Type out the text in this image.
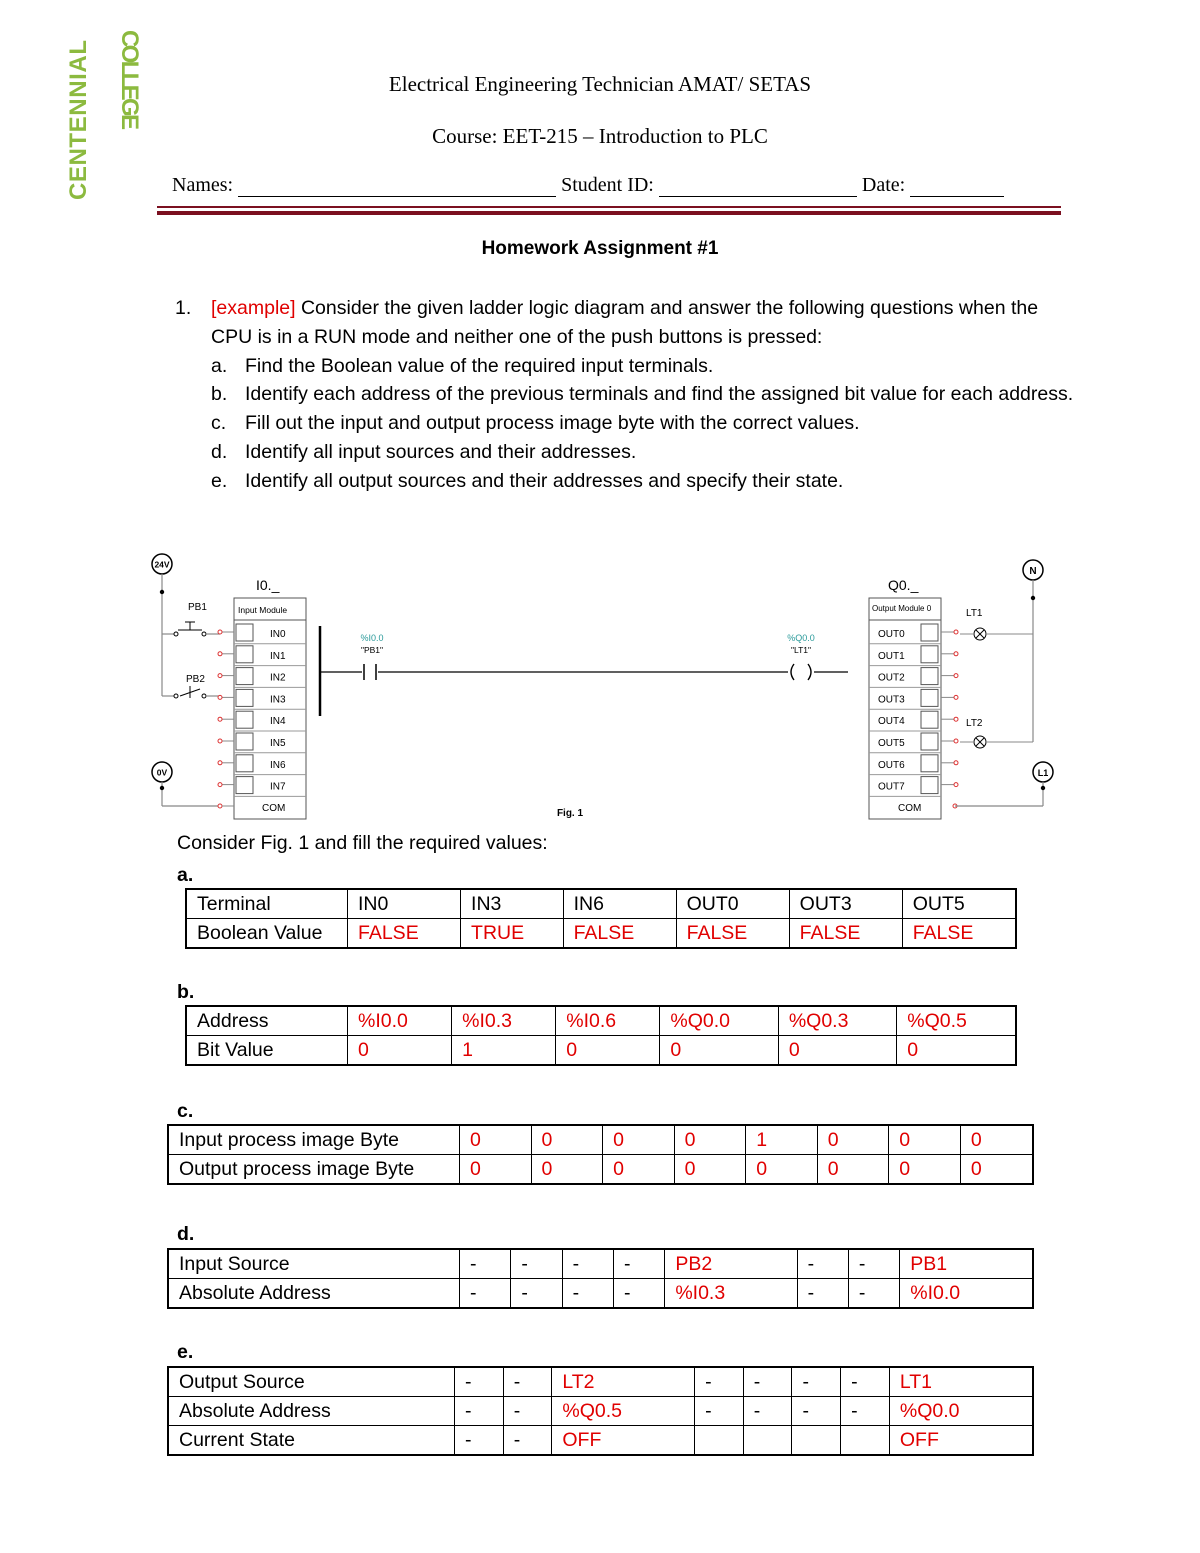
COLLEGE
CENTENNIAL
Electrical Engineering Technician AMAT/ SETAS
Course: EET-215 – Introduction to PLC
Names:	Student ID:	Date:
Homework Assignment #1
1. [example] Consider the given ladder logic diagram and answer the following questions when the CPU is in a RUN mode and neither one of the push buttons is pressed:
a. Find the Boolean value of the required input terminals.
b. Identify each address of the previous terminals and find the assigned bit value for each address.
c. Fill out the input and output process image byte with the correct values.
d. Identify all input sources and their addresses.
e. Identify all output sources and their addresses and specify their state.
24V
PB1
PB2
0V
I0._
Input Module
IN0
IN1
IN2
IN3
IN4
IN5
IN6
IN7
COM
%I0.0
"PB1"
%Q0.0
"LT1"
Fig. 1
Q0._
Output Module 0
OUT0
OUT1
OUT2
OUT3
OUT4
OUT5
OUT6
OUT7
COM
N
LT1
LT2
L1
Consider Fig. 1 and fill the required values:
a.
Terminal	IN0	IN3	IN6	OUT0	OUT3	OUT5
Boolean Value	FALSE	TRUE	FALSE	FALSE	FALSE	FALSE
b.
Address	%I0.0	%I0.3	%I0.6	%Q0.0	%Q0.3	%Q0.5
Bit Value	0	1	0	0	0	0
c.
Input process image Byte	0	0	0	0	1	0	0	0
Output process image Byte	0	0	0	0	0	0	0	0
d.
Input Source	-	-	-	-	PB2	-	-	PB1
Absolute Address	-	-	-	-	%I0.3	-	-	%I0.0
e.
Output Source	-	-	LT2	-	-	-	-	LT1
Absolute Address	-	-	%Q0.5	-	-	-	-	%Q0.0
Current State	-	-	OFF					OFF
